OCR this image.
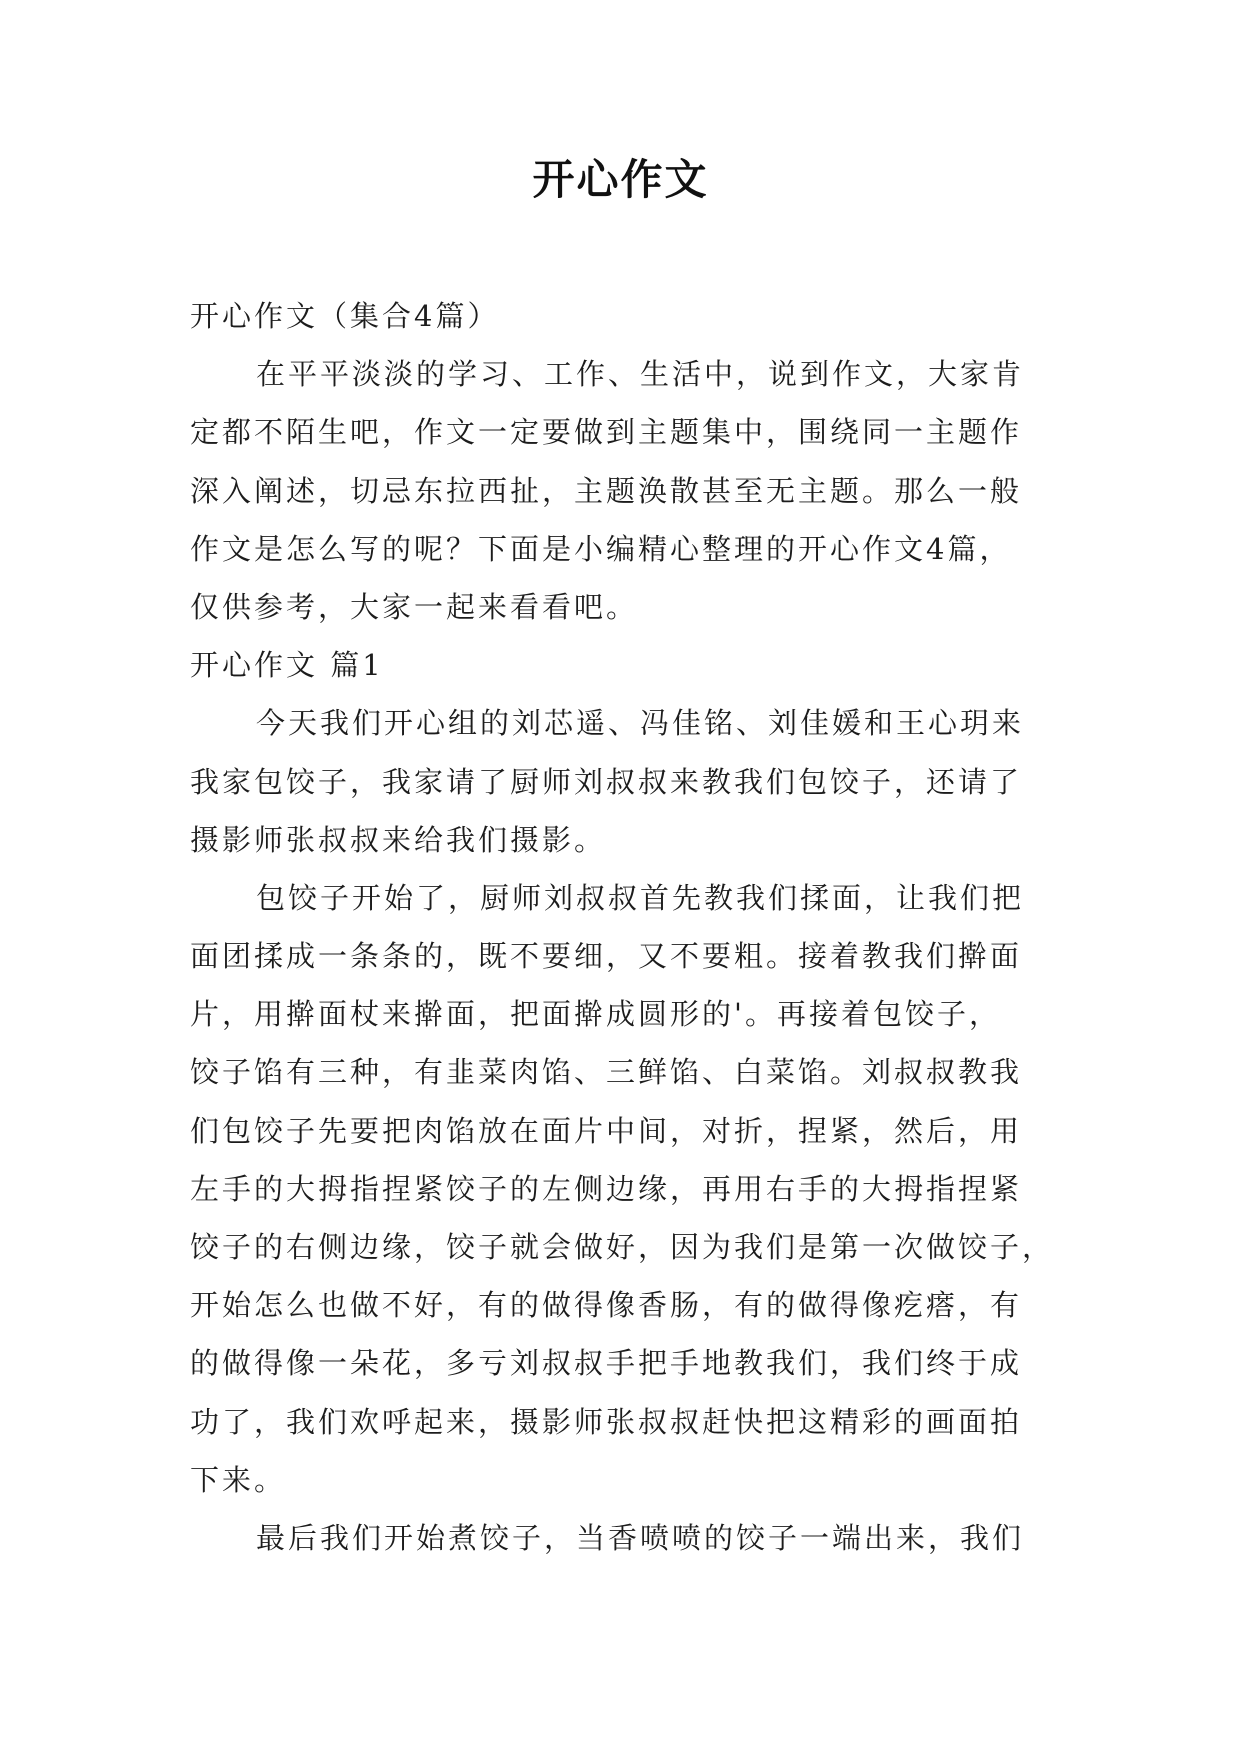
开心作文
开心作文（集合4篇）
在平平淡淡的学习、工作、生活中，说到作文，大家肯
定都不陌生吧，作文一定要做到主题集中，围绕同一主题作
深入阐述，切忌东拉西扯，主题涣散甚至无主题。那么一般
作文是怎么写的呢？下面是小编精心整理的开心作文4篇，
仅供参考，大家一起来看看吧。
开心作文 篇1
今天我们开心组的刘芯遥、冯佳铭、刘佳媛和王心玥来
我家包饺子，我家请了厨师刘叔叔来教我们包饺子，还请了
摄影师张叔叔来给我们摄影。
包饺子开始了，厨师刘叔叔首先教我们揉面，让我们把
面团揉成一条条的，既不要细，又不要粗。接着教我们擀面
片，用擀面杖来擀面，把面擀成圆形的'。再接着包饺子，
饺子馅有三种，有韭菜肉馅、三鲜馅、白菜馅。刘叔叔教我
们包饺子先要把肉馅放在面片中间，对折，捏紧，然后，用
左手的大拇指捏紧饺子的左侧边缘，再用右手的大拇指捏紧
饺子的右侧边缘，饺子就会做好，因为我们是第一次做饺子，
开始怎么也做不好，有的做得像香肠，有的做得像疙瘩，有
的做得像一朵花，多亏刘叔叔手把手地教我们，我们终于成
功了，我们欢呼起来，摄影师张叔叔赶快把这精彩的画面拍
下来。
最后我们开始煮饺子，当香喷喷的饺子一端出来，我们
